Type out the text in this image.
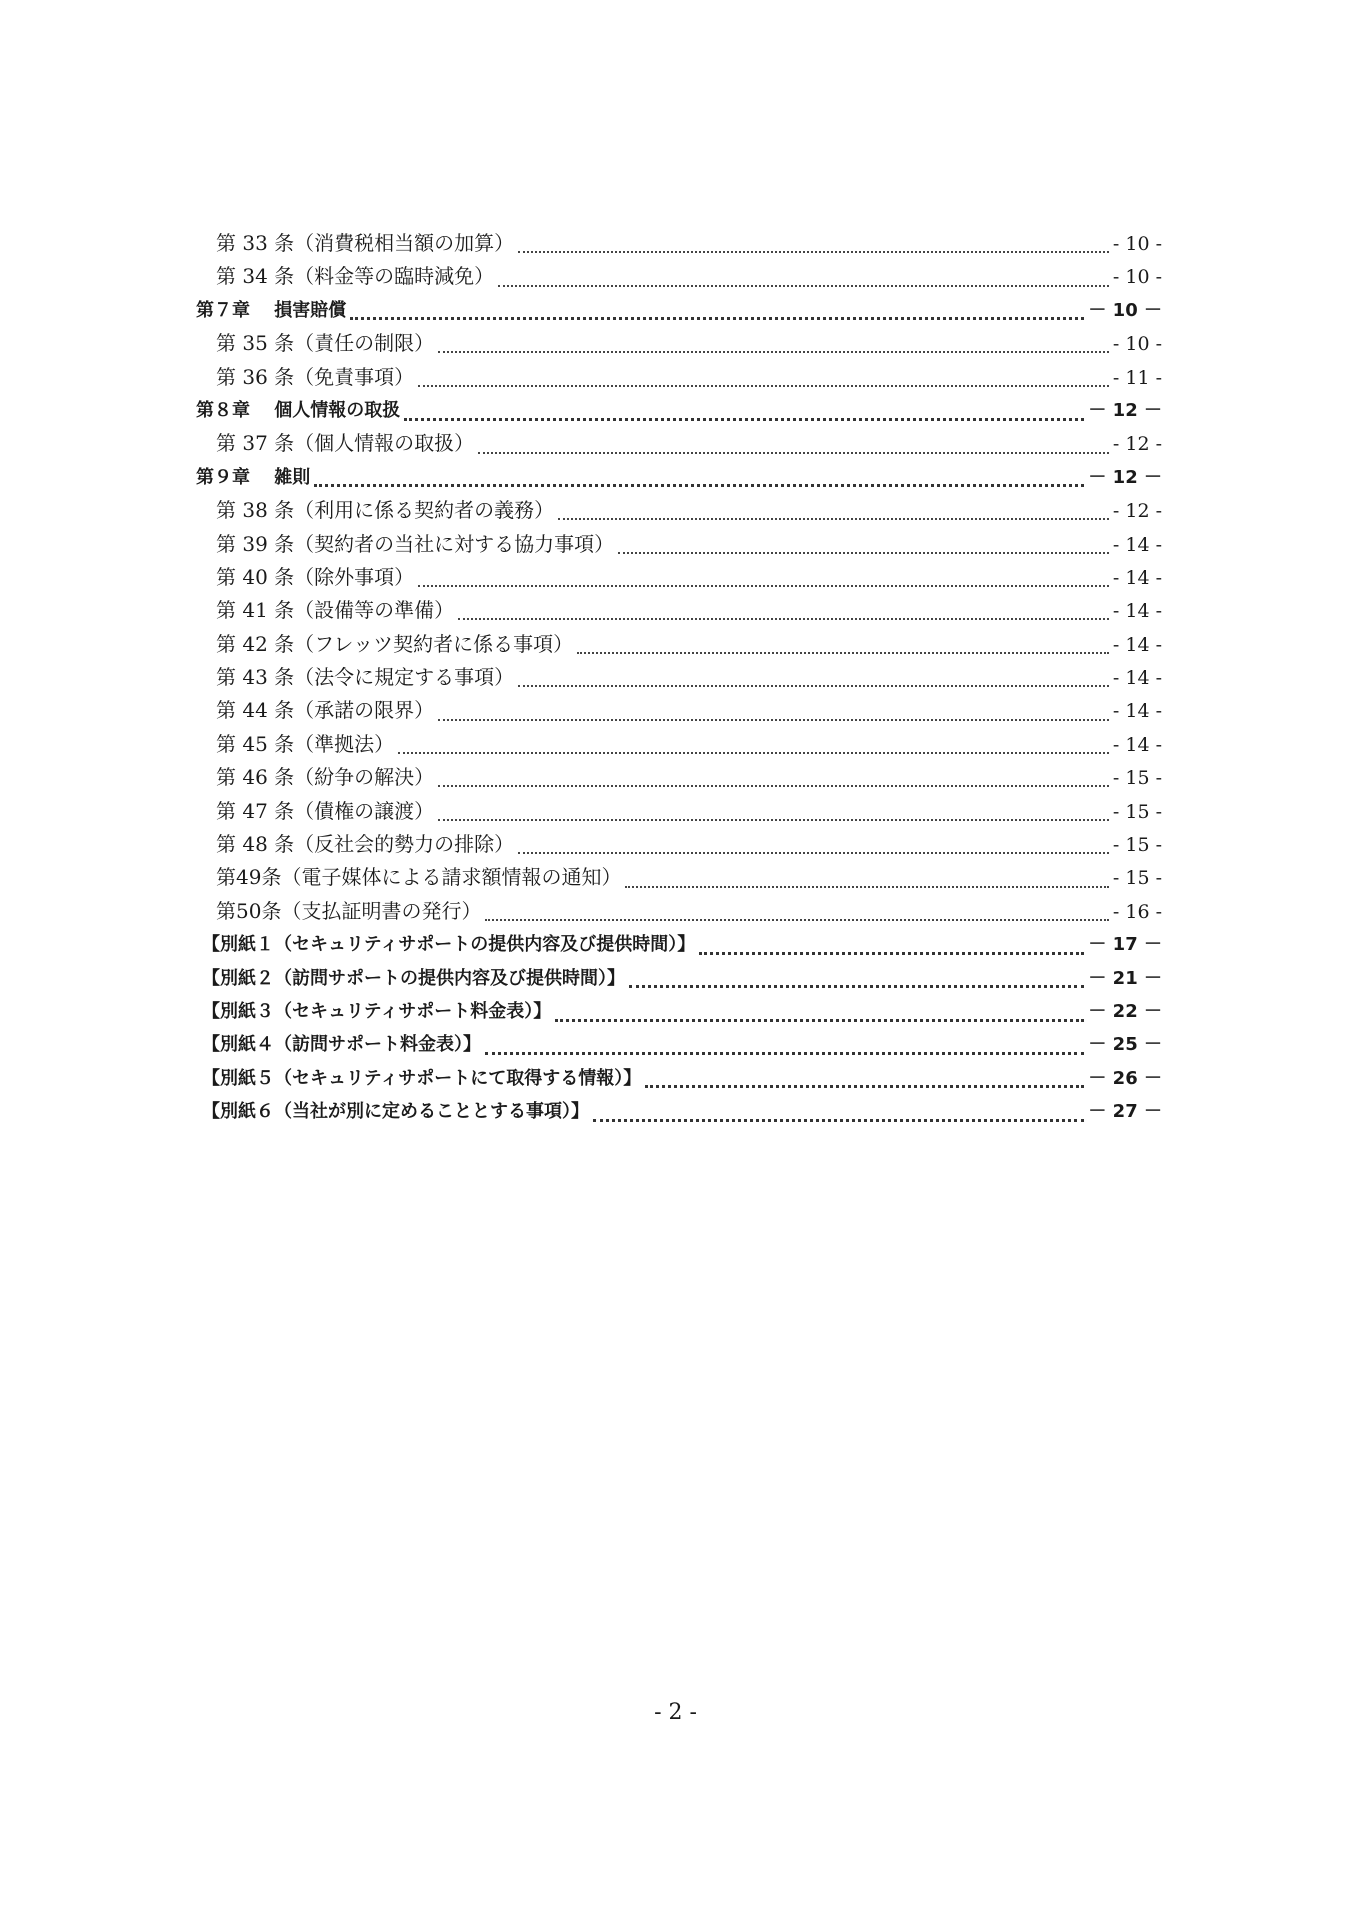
第 33 条（消費税相当額の加算）	- 10 -
第 34 条（料金等の臨時減免）	- 10 -
第７章　 損害賠償	－ 10 －
第 35 条（責任の制限）	- 10 -
第 36 条（免責事項）	- 11 -
第８章　 個人情報の取扱	－ 12 －
第 37 条（個人情報の取扱）	- 12 -
第９章　 雑則	－ 12 －
第 38 条（利用に係る契約者の義務）	- 12 -
第 39 条（契約者の当社に対する協力事項）	- 14 -
第 40 条（除外事項）	- 14 -
第 41 条（設備等の準備）	- 14 -
第 42 条（フレッツ契約者に係る事項）	- 14 -
第 43 条（法令に規定する事項）	- 14 -
第 44 条（承諾の限界）	- 14 -
第 45 条（準拠法）	- 14 -
第 46 条（紛争の解決）	- 15 -
第 47 条（債権の譲渡）	- 15 -
第 48 条（反社会的勢力の排除）	- 15 -
第49条（電子媒体による請求額情報の通知）	- 15 -
第50条（支払証明書の発行）	- 16 -
【別紙１（セキュリティサポートの提供内容及び提供時間）】	－ 17 －
【別紙２（訪問サポートの提供内容及び提供時間）】	－ 21 －
【別紙３（セキュリティサポート料金表）】	－ 22 －
【別紙４（訪問サポート料金表）】	－ 25 －
【別紙５（セキュリティサポートにて取得する情報）】	－ 26 －
【別紙６（当社が別に定めることとする事項）】	－ 27 －
- 2 -
